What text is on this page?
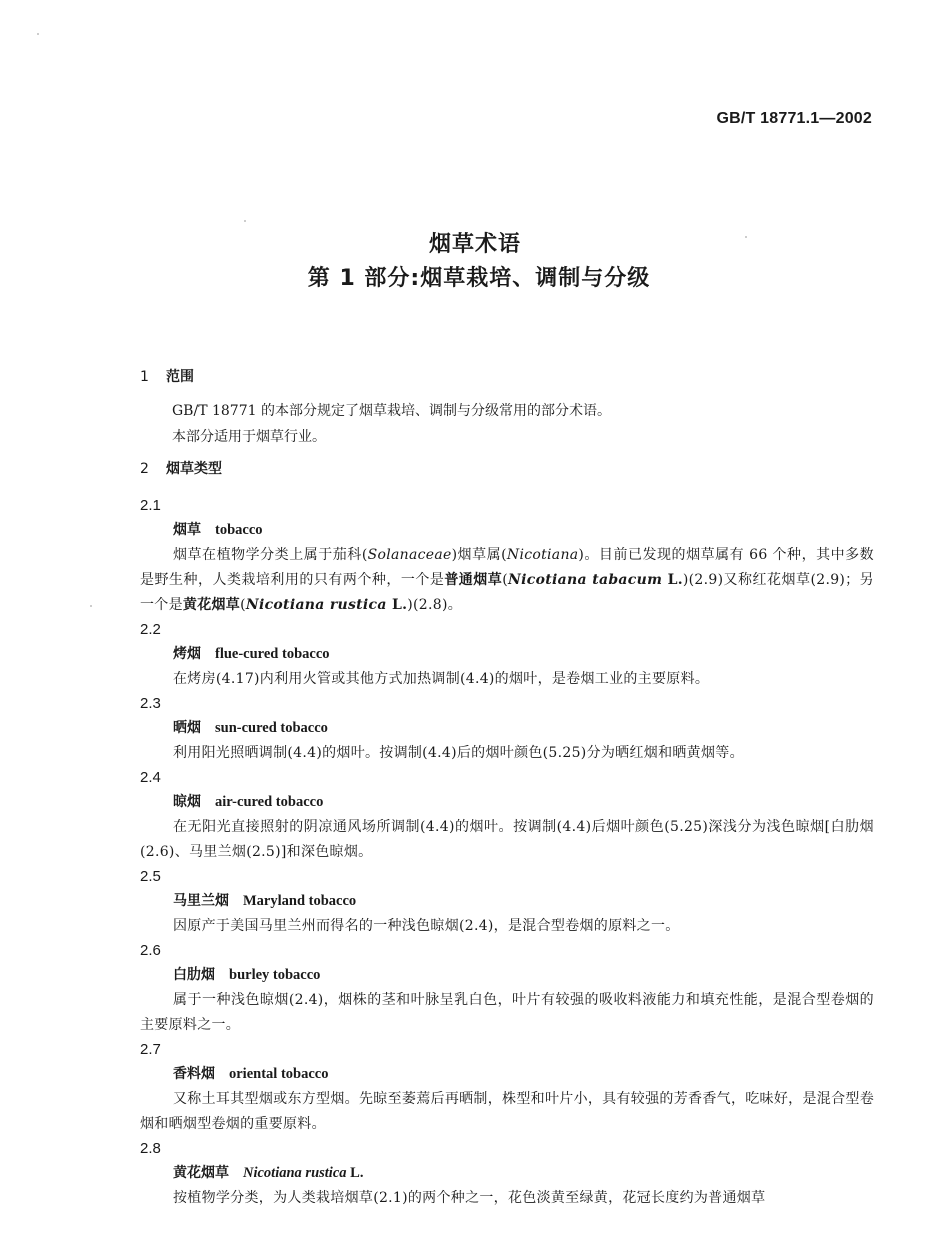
GB/T 18771.1—2002
烟草术语
第 1 部分:烟草栽培、调制与分级
1 范围
GB/T 18771 的本部分规定了烟草栽培、调制与分级常用的部分术语。
本部分适用于烟草行业。
2 烟草类型
2.1
烟草 tobacco
烟草在植物学分类上属于茄科(Solanaceae)烟草属(Nicotiana)。目前已发现的烟草属有 66 个种，其中多数是野生种，人类栽培利用的只有两个种，一个是普通烟草(Nicotiana tabacum L.)(2.9)又称红花烟草(2.9)；另一个是黄花烟草(Nicotiana rustica L.)(2.8)。
2.2
烤烟 flue-cured tobacco
在烤房(4.17)内利用火管或其他方式加热调制(4.4)的烟叶，是卷烟工业的主要原料。
2.3
晒烟 sun-cured tobacco
利用阳光照晒调制(4.4)的烟叶。按调制(4.4)后的烟叶颜色(5.25)分为晒红烟和晒黄烟等。
2.4
晾烟 air-cured tobacco
在无阳光直接照射的阴凉通风场所调制(4.4)的烟叶。按调制(4.4)后烟叶颜色(5.25)深浅分为浅色晾烟[白肋烟(2.6)、马里兰烟(2.5)]和深色晾烟。
2.5
马里兰烟 Maryland tobacco
因原产于美国马里兰州而得名的一种浅色晾烟(2.4)，是混合型卷烟的原料之一。
2.6
白肋烟 burley tobacco
属于一种浅色晾烟(2.4)，烟株的茎和叶脉呈乳白色，叶片有较强的吸收料液能力和填充性能，是混合型卷烟的主要原料之一。
2.7
香料烟 oriental tobacco
又称土耳其型烟或东方型烟。先晾至萎蔫后再晒制，株型和叶片小，具有较强的芳香香气，吃味好，是混合型卷烟和晒烟型卷烟的重要原料。
2.8
黄花烟草 Nicotiana rustica L.
按植物学分类，为人类栽培烟草(2.1)的两个种之一，花色淡黄至绿黄，花冠长度约为普通烟草
